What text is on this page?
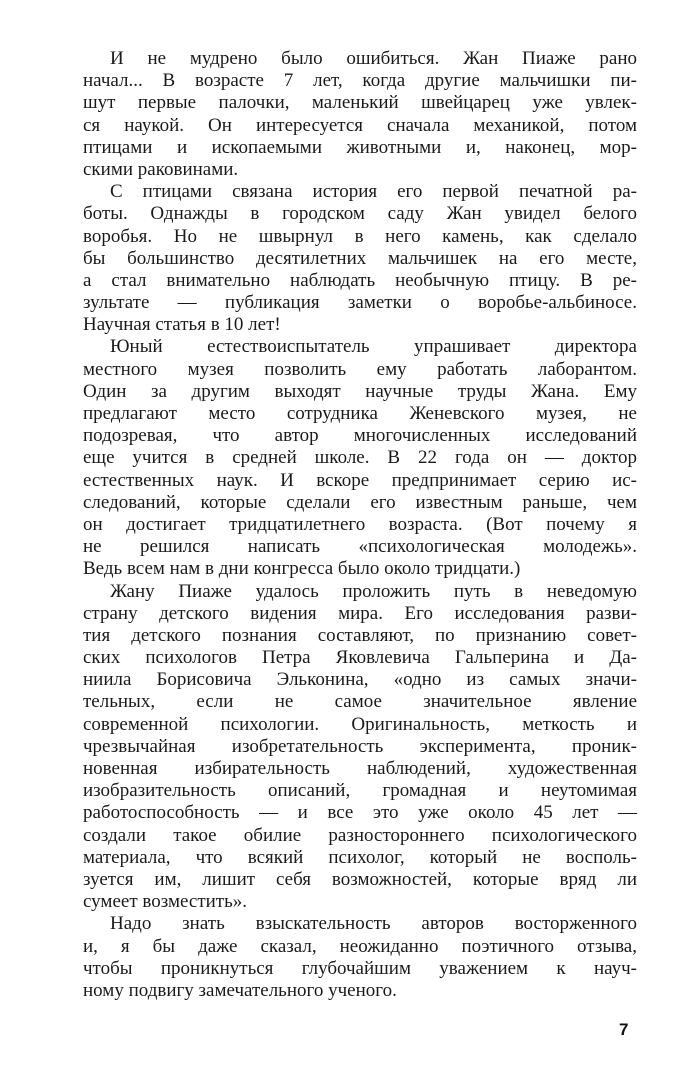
И не мудрено было ошибиться. Жан Пиаже рано
начал... В возрасте 7 лет, когда другие мальчишки пи-
шут первые палочки, маленький швейцарец уже увлек-
ся наукой. Он интересуется сначала механикой, потом
птицами и ископаемыми животными и, наконец, мор-
скими раковинами.

С птицами связана история его первой печатной ра-
боты. Однажды в городском саду Жан увидел белого
воробья. Но не швырнул в него камень, как сделало
бы большинство десятилетних мальчишек на его месте,
а стал внимательно наблюдать необычную птицу. В ре-
зультате — публикация заметки о воробье-альбиносе.
Научная статья в 10 лет!

Юный естествоиспытатель упрашивает директора
местного музея позволить ему работать лаборантом.
Один за другим выходят научные труды Жана. Ему
предлагают место сотрудника Женевского музея, не
подозревая, что автор многочисленных исследований
еще учится в средней школе. В 22 года он — доктор
естественных наук. И вскоре предпринимает серию ис-
следований, которые сделали его известным раньше, чем
он достигает тридцатилетнего возраста. (Вот почему я
не решился написать «психологическая молодежь».
Ведь всем нам в дни конгресса было около тридцати.)

Жану Пиаже удалось проложить путь в неведомую
страну детского видения мира. Его исследования разви-
тия детского познания составляют, по признанию совет-
ских психологов Петра Яковлевича Гальперина и Да-
ниила Борисовича Эльконина, «одно из самых значи-
тельных, если не самое значительное явление
современной психологии. Оригинальность, меткость и
чрезвычайная изобретательность эксперимента, проник-
новенная избирательность наблюдений, художественная
изобразительность описаний, громадная и неутомимая
работоспособность — и все это уже около 45 лет —
создали такое обилие разностороннего психологического
материала, что всякий психолог, который не восполь-
зуется им, лишит себя возможностей, которые вряд ли
сумеет возместить».

Надо знать взыскательность авторов восторженного
и, я бы даже сказал, неожиданно поэтичного отзыва,
чтобы проникнуться глубочайшим уважением к науч-
ному подвигу замечательного ученого.

7
